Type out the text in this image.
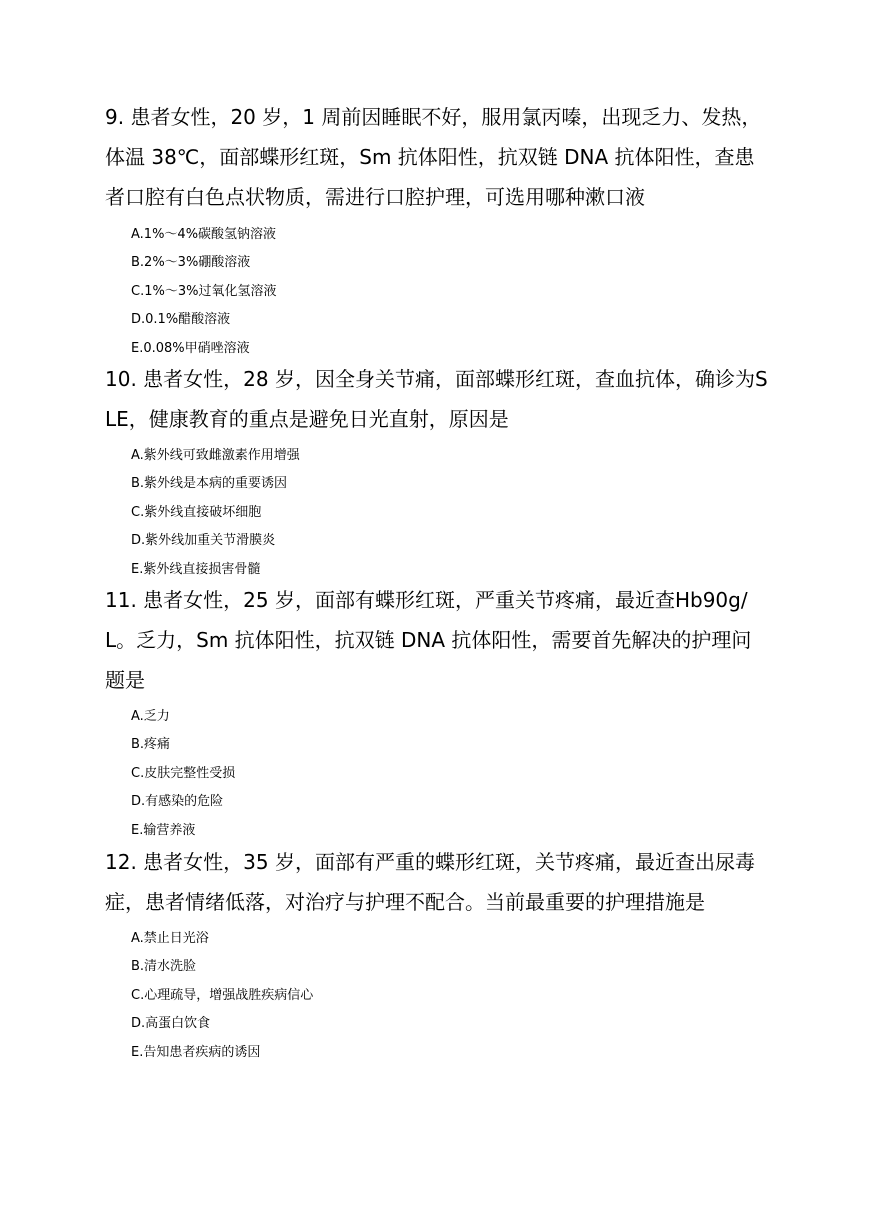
9. 患者女性，20 岁，1 周前因睡眠不好，服用氯丙嗪，出现乏力、发热，体温 38℃，面部蝶形红斑，Sm 抗体阳性，抗双链 DNA 抗体阳性，查患者口腔有白色点状物质，需进行口腔护理，可选用哪种漱口液

A.1%～4%碳酸氢钠溶液
B.2%～3%硼酸溶液
C.1%～3%过氧化氢溶液
D.0.1%醋酸溶液
E.0.08%甲硝唑溶液

10. 患者女性，28 岁，因全身关节痛，面部蝶形红斑，查血抗体，确诊为SLE，健康教育的重点是避免日光直射，原因是

A.紫外线可致雌激素作用增强
B.紫外线是本病的重要诱因
C.紫外线直接破坏细胞
D.紫外线加重关节滑膜炎
E.紫外线直接损害骨髓

11. 患者女性，25 岁，面部有蝶形红斑，严重关节疼痛，最近查Hb90g/L。乏力，Sm 抗体阳性，抗双链 DNA 抗体阳性，需要首先解决的护理问题是

A.乏力
B.疼痛
C.皮肤完整性受损
D.有感染的危险
E.输营养液

12. 患者女性，35 岁，面部有严重的蝶形红斑，关节疼痛，最近查出尿毒症，患者情绪低落，对治疗与护理不配合。当前最重要的护理措施是

A.禁止日光浴
B.清水洗脸
C.心理疏导，增强战胜疾病信心
D.高蛋白饮食
E.告知患者疾病的诱因
